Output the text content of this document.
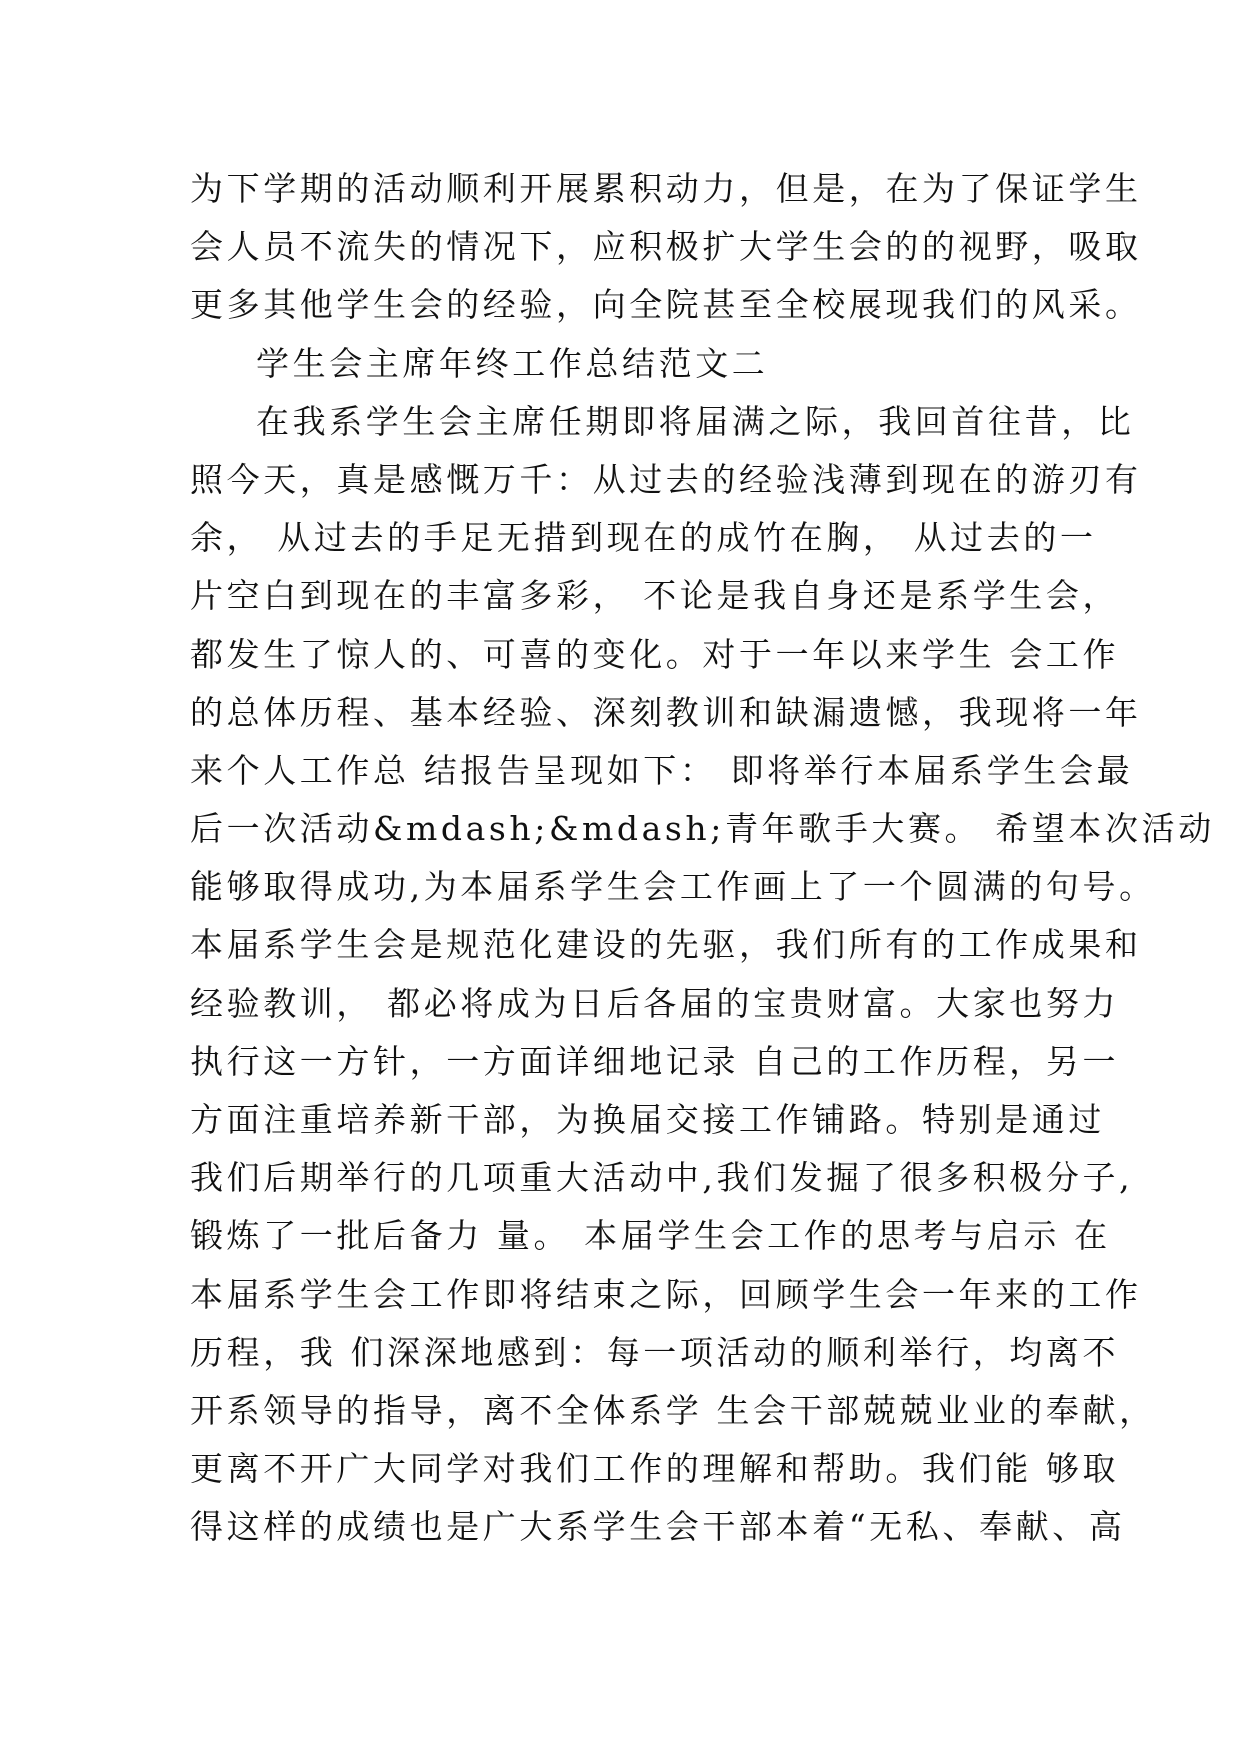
为下学期的活动顺利开展累积动力，但是，在为了保证学生
会人员不流失的情况下，应积极扩大学生会的的视野，吸取
更多其他学生会的经验，向全院甚至全校展现我们的风采。
学生会主席年终工作总结范文二
在我系学生会主席任期即将届满之际，我回首往昔，比
照今天，真是感慨万千：从过去的经验浅薄到现在的游刃有
余， 从过去的手足无措到现在的成竹在胸， 从过去的一
片空白到现在的丰富多彩， 不论是我自身还是系学生会，
都发生了惊人的、可喜的变化。对于一年以来学生 会工作
的总体历程、基本经验、深刻教训和缺漏遗憾，我现将一年
来个人工作总 结报告呈现如下： 即将举行本届系学生会最
后一次活动&mdash;&mdash;青年歌手大赛。 希望本次活动
能够取得成功,为本届系学生会工作画上了一个圆满的句号。
本届系学生会是规范化建设的先驱，我们所有的工作成果和
经验教训， 都必将成为日后各届的宝贵财富。大家也努力
执行这一方针，一方面详细地记录 自己的工作历程，另一
方面注重培养新干部，为换届交接工作铺路。特别是通过
我们后期举行的几项重大活动中,我们发掘了很多积极分子,
锻炼了一批后备力 量。 本届学生会工作的思考与启示 在
本届系学生会工作即将结束之际，回顾学生会一年来的工作
历程，我 们深深地感到：每一项活动的顺利举行，均离不
开系领导的指导，离不全体系学 生会干部兢兢业业的奉献，
更离不开广大同学对我们工作的理解和帮助。我们能 够取
得这样的成绩也是广大系学生会干部本着“无私、奉献、高
